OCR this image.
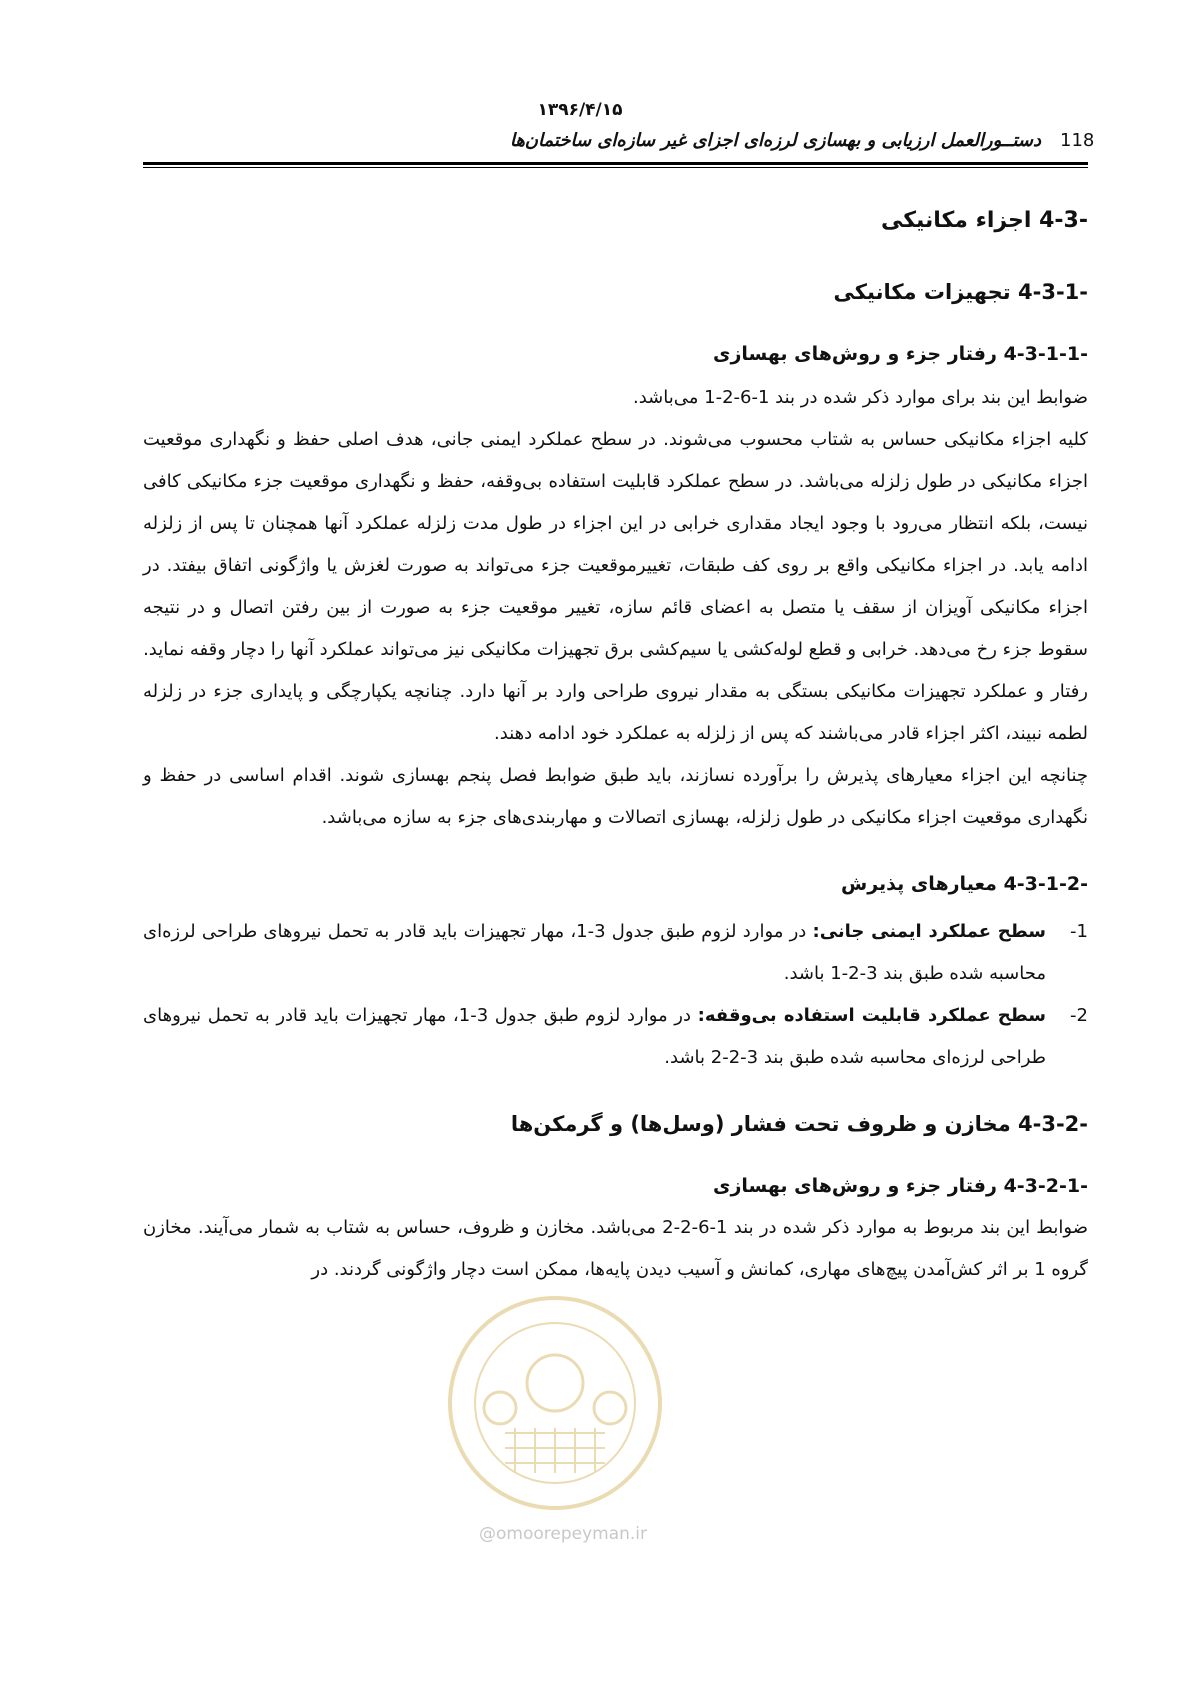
۱۳۹۶/۴/۱۵
دستــورالعمل ارزیابی و بهسازی لرزه‌ای اجزای غیر سازه‌ای ساختمان‌ها 118
4-3- اجزاء مکانیکی
4-3-1- تجهیزات مکانیکی
4-3-1-1- رفتار جزء و روش‌های بهسازی

ضوابط این بند برای موارد ذکر شده در بند 1-6-2-1 می‌باشد.

کلیه اجزاء مکانیکی حساس به شتاب محسوب می‌شوند. در سطح عملکرد ایمنی جانی، هدف اصلی حفظ و نگهداری موقعیت اجزاء مکانیکی در طول زلزله می‌باشد. در سطح عملکرد قابلیت استفاده بی‌وقفه، حفظ و نگهداری موقعیت جزء مکانیکی کافی نیست، بلکه انتظار می‌رود با وجود ایجاد مقداری خرابی در این اجزاء در طول مدت زلزله عملکرد آنها همچنان تا پس از زلزله ادامه یابد. در اجزاء مکانیکی واقع بر روی کف طبقات، تغییرموقعیت جزء می‌تواند به صورت لغزش یا واژگونی اتفاق بیفتد. در اجزاء مکانیکی آویزان از سقف یا متصل به اعضای قائم سازه، تغییر موقعیت جزء به صورت از بین رفتن اتصال و در نتیجه سقوط جزء رخ می‌دهد. خرابی و قطع لوله‌کشی یا سیم‌کشی برق تجهیزات مکانیکی نیز می‌تواند عملکرد آنها را دچار وقفه نماید.

رفتار و عملکرد تجهیزات مکانیکی بستگی به مقدار نیروی طراحی وارد بر آنها دارد. چنانچه یکپارچگی و پایداری جزء در زلزله لطمه نبیند، اکثر اجزاء قادر می‌باشند که پس از زلزله به عملکرد خود ادامه دهند.

چنانچه این اجزاء معیارهای پذیرش را برآورده نسازند، باید طبق ضوابط فصل پنجم بهسازی شوند. اقدام اساسی در حفظ و نگهداری موقعیت اجزاء مکانیکی در طول زلزله، بهسازی اتصالات و مهاربندی‌های جزء به سازه می‌باشد.

4-3-1-2- معیارهای پذیرش
-1
سطح عملکرد ایمنی جانی: در موارد لزوم طبق جدول 3-1، مهار تجهیزات باید قادر به تحمل نیروهای طراحی لرزه‌ای محاسبه شده طبق بند 3-2-1 باشد.
-2
سطح عملکرد قابلیت استفاده بی‌وقفه: در موارد لزوم طبق جدول 3-1، مهار تجهیزات باید قادر به تحمل نیروهای طراحی لرزه‌ای محاسبه شده طبق بند 3-2-2 باشد.
4-3-2- مخازن و ظروف تحت فشار (وسل‌ها) و گرمکن‌ها
4-3-2-1- رفتار جزء و روش‌های بهسازی

ضوابط این بند مربوط به موارد ذکر شده در بند 1-6-2-2 می‌باشد. مخازن و ظروف، حساس به شتاب به شمار می‌آیند. مخازن گروه 1 بر اثر کش‌آمدن پیچ‌های مهاری، کمانش و آسیب دیدن پایه‌ها، ممکن است دچار واژگونی گردند. در

@omoorepeyman.ir
